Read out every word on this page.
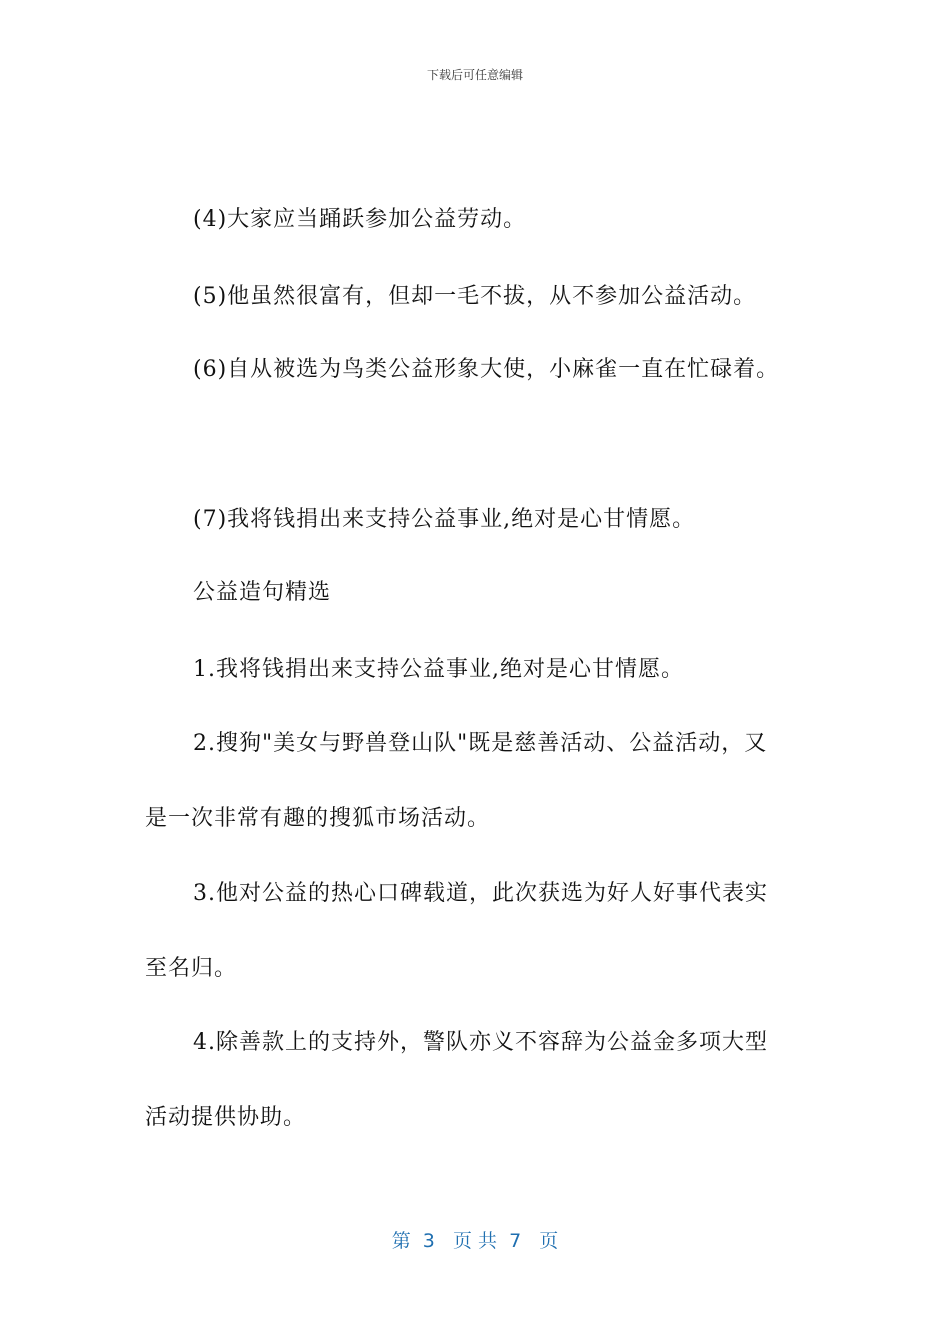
下载后可任意编辑
(4)大家应当踊跃参加公益劳动。
(5)他虽然很富有，但却一毛不拔，从不参加公益活动。
(6)自从被选为鸟类公益形象大使，小麻雀一直在忙碌着。
(7)我将钱捐出来支持公益事业,绝对是心甘情愿。
公益造句精选
1.我将钱捐出来支持公益事业,绝对是心甘情愿。
2.搜狗"美女与野兽登山队"既是慈善活动、公益活动，又
是一次非常有趣的搜狐市场活动。
3.他对公益的热心口碑载道，此次获选为好人好事代表实
至名归。
4.除善款上的支持外，警队亦义不容辞为公益金多项大型
活动提供协助。
第  3   页 共  7   页
